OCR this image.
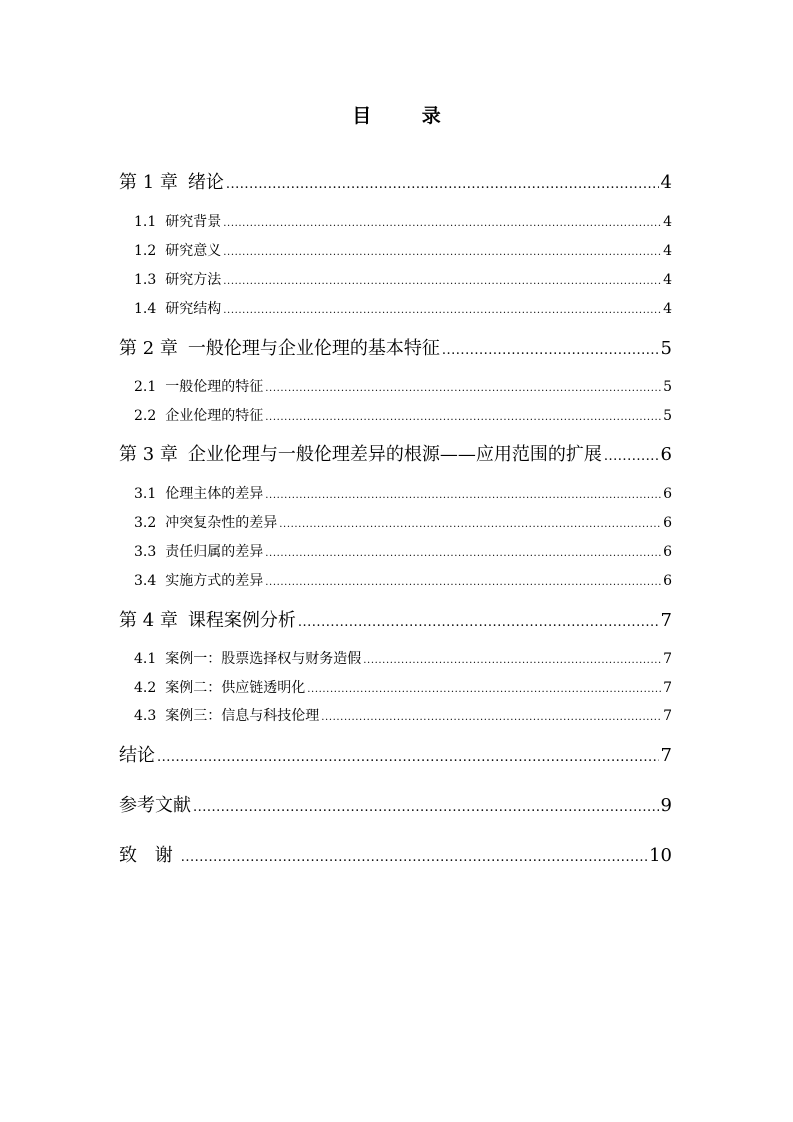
目 录
第 1 章 绪论 .....	4
1.1 研究背景 .....	4
1.2 研究意义 .....	4
1.3 研究方法 .....	4
1.4 研究结构 .....	4
第 2 章 一般伦理与企业伦理的基本特征 .....	5
2.1 一般伦理的特征 .....	5
2.2 企业伦理的特征 .....	5
第 3 章 企业伦理与一般伦理差异的根源——应用范围的扩展 .....	6
3.1 伦理主体的差异 .....	6
3.2 冲突复杂性的差异 .....	6
3.3 责任归属的差异 .....	6
3.4 实施方式的差异 .....	6
第 4 章 课程案例分析 .....	7
4.1 案例一：股票选择权与财务造假 .....	7
4.2 案例二：供应链透明化 .....	7
4.3 案例三：信息与科技伦理 .....	7
结论 .....	7
参考文献 .....	9
致 谢 .....	10
